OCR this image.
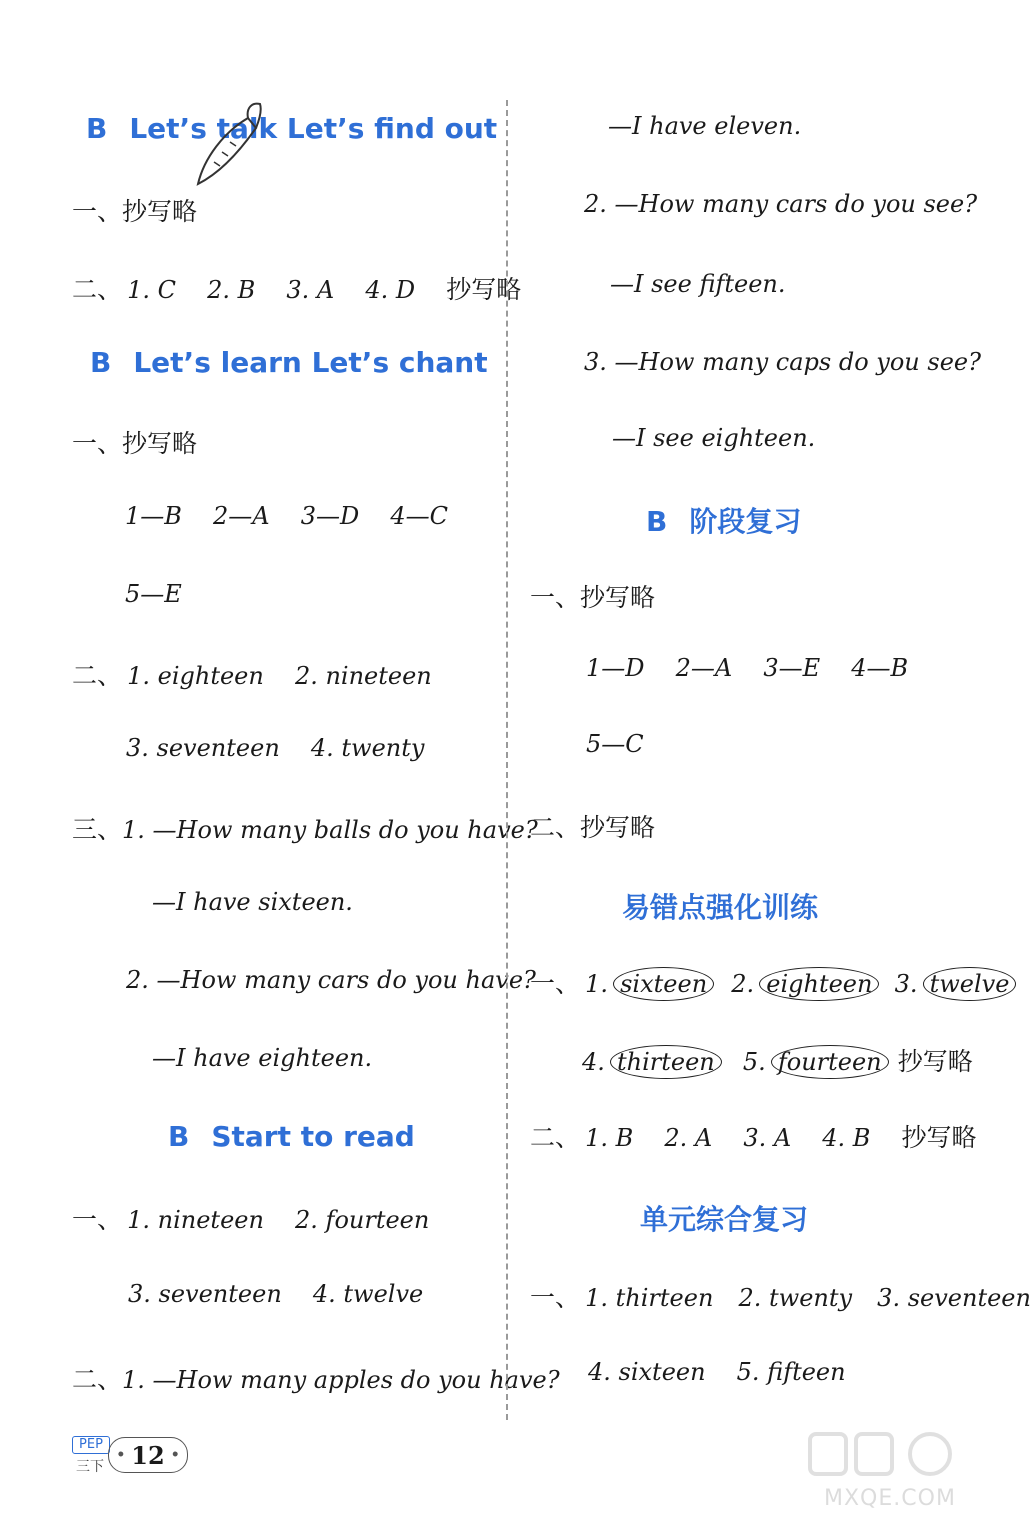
B Let’s talk Let’s find out
一、抄写略
二、 1. C 2. B 3. A 4. D 抄写略
B Let’s learn Let’s chant
一、抄写略
1—B 2—A 3—D 4—C
5—E
二、 1. eighteen 2. nineteen
3. seventeen 4. twenty
三、1. —How many balls do you have?
—I have sixteen.
2. —How many cars do you have?
—I have eighteen.
B Start to read
一、 1. nineteen 2. fourteen
3. seventeen 4. twelve
二、1. —How many apples do you have?
—I have eleven.
2. —How many cars do you see?
—I see fifteen.
3. —How many caps do you see?
—I see eighteen.
B 阶段复习
一、抄写略
1—D 2—A 3—E 4—B
5—C
二、抄写略
易错点强化训练
一、 1. sixteen 2. eighteen 3. twelve
4. thirteen 5. fourteen 抄写略
二、 1. B 2. A 3. A 4. B 抄写略
单元综合复习
一、 1. thirteen 2. twenty 3. seventeen
4. sixteen 5. fifteen
PEP
三下
• 12 •
MXQE.COM
